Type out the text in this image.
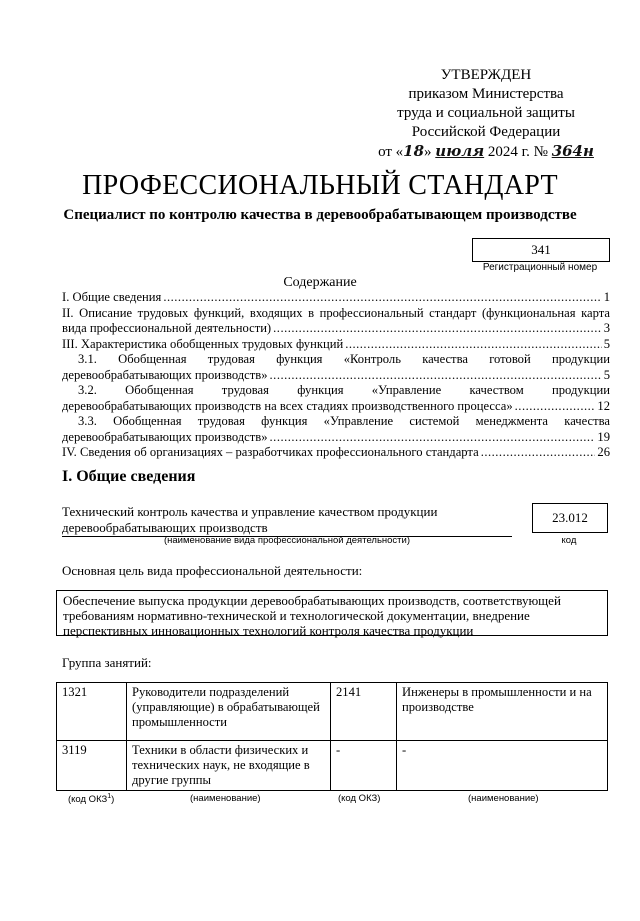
УТВЕРЖДЕН
приказом Министерства
труда и социальной защиты
Российской Федерации
от «18» июля 2024 г. № 364н
ПРОФЕССИОНАЛЬНЫЙ СТАНДАРТ
Специалист по контролю качества в деревообрабатывающем производстве
341
Регистрационный номер
Содержание
I. Общие сведения .....	1
II. Описание трудовых функций, входящих в профессиональный стандарт (функциональная карта
вида профессиональной деятельности) .....	3
III. Характеристика обобщенных трудовых функций .....	5
3.1. Обобщенная трудовая функция «Контроль качества готовой продукции
деревообрабатывающих производств» .....	5
3.2. Обобщенная трудовая функция «Управление качеством продукции
деревообрабатывающих производств на всех стадиях производственного процесса» .....	12
3.3. Обобщенная трудовая функция «Управление системой менеджмента качества
деревообрабатывающих производств» .....	19
IV. Сведения об организациях – разработчиках профессионального стандарта .....	26
I. Общие сведения
Технический контроль качества и управление качеством продукции
деревообрабатывающих производств
(наименование вида профессиональной деятельности)
23.012
код
Основная цель вида профессиональной деятельности:
Обеспечение выпуска продукции деревообрабатывающих производств, соответствующей требованиям нормативно-технической и технологической документации, внедрение перспективных инновационных технологий контроля качества продукции
Группа занятий:
1321	Руководители подразделений (управляющие) в обрабатывающей промышленности	2141	Инженеры в промышленности и на производстве
3119	Техники в области физических и технических наук, не входящие в другие группы	-	-
(код ОКЗ$^1$)	(наименование)	(код ОКЗ)	(наименование)
